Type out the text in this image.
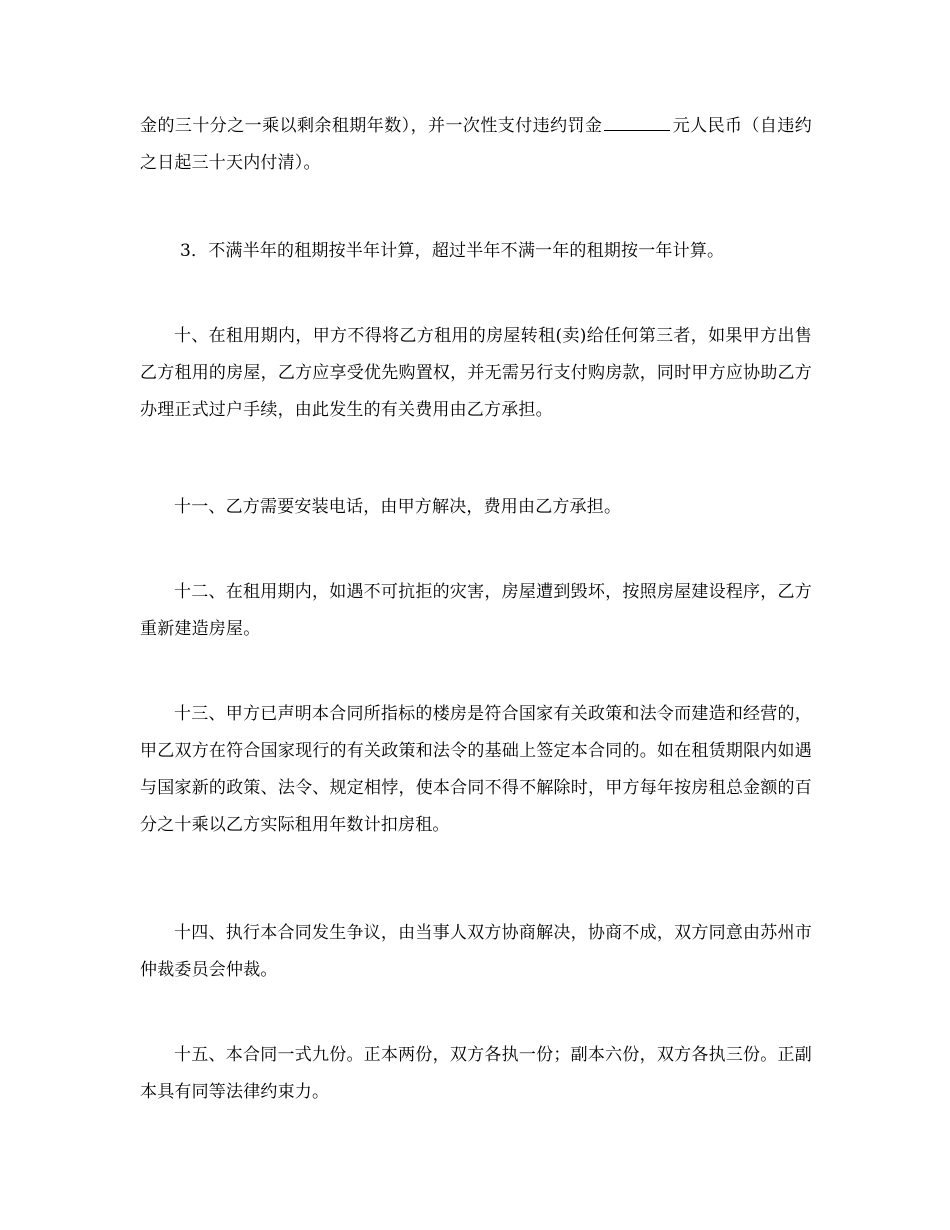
金的三十分之一乘以剩余租期年数），并一次性支付违约罚金	元人民币（自违约之日起三十天内付清）。

3．不满半年的租期按半年计算，超过半年不满一年的租期按一年计算。

十、在租用期内，甲方不得将乙方租用的房屋转租(卖)给任何第三者，如果甲方出售乙方租用的房屋，乙方应享受优先购置权，并无需另行支付购房款，同时甲方应协助乙方办理正式过户手续，由此发生的有关费用由乙方承担。

十一、乙方需要安装电话，由甲方解决，费用由乙方承担。

十二、在租用期内，如遇不可抗拒的灾害，房屋遭到毁坏，按照房屋建设程序，乙方重新建造房屋。

十三、甲方已声明本合同所指标的楼房是符合国家有关政策和法令而建造和经营的，甲乙双方在符合国家现行的有关政策和法令的基础上签定本合同的。如在租赁期限内如遇与国家新的政策、法令、规定相悖，使本合同不得不解除时，甲方每年按房租总金额的百分之十乘以乙方实际租用年数计扣房租。

十四、执行本合同发生争议，由当事人双方协商解决，协商不成，双方同意由苏州市仲裁委员会仲裁。

十五、本合同一式九份。正本两份，双方各执一份；副本六份，双方各执三份。正副本具有同等法律约束力。
